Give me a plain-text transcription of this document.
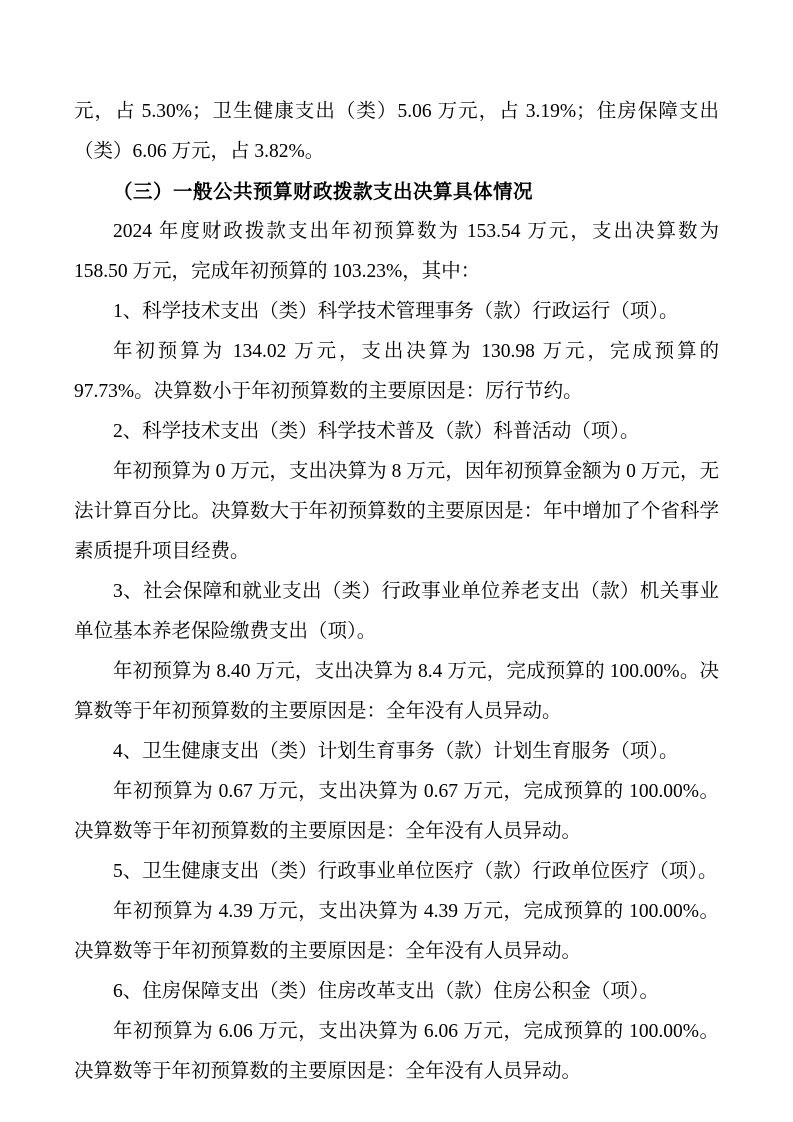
元，占 5.30%；卫生健康支出（类）5.06 万元，占 3.19%；住房保障支出（类）6.06 万元，占 3.82%。

（三）一般公共预算财政拨款支出决算具体情况

2024 年度财政拨款支出年初预算数为 153.54 万元，支出决算数为 158.50 万元，完成年初预算的 103.23%，其中：

1、科学技术支出（类）科学技术管理事务（款）行政运行（项）。

年初预算为 134.02 万元，支出决算为 130.98 万元，完成预算的 97.73%。决算数小于年初预算数的主要原因是：厉行节约。

2、科学技术支出（类）科学技术普及（款）科普活动（项）。

年初预算为 0 万元，支出决算为 8 万元，因年初预算金额为 0 万元，无法计算百分比。决算数大于年初预算数的主要原因是：年中增加了个省科学素质提升项目经费。

3、社会保障和就业支出（类）行政事业单位养老支出（款）机关事业单位基本养老保险缴费支出（项）。

年初预算为 8.40 万元，支出决算为 8.4 万元，完成预算的 100.00%。决算数等于年初预算数的主要原因是：全年没有人员异动。

4、卫生健康支出（类）计划生育事务（款）计划生育服务（项）。

年初预算为 0.67 万元，支出决算为 0.67 万元，完成预算的 100.00%。决算数等于年初预算数的主要原因是：全年没有人员异动。

5、卫生健康支出（类）行政事业单位医疗（款）行政单位医疗（项）。

年初预算为 4.39 万元，支出决算为 4.39 万元，完成预算的 100.00%。决算数等于年初预算数的主要原因是：全年没有人员异动。

6、住房保障支出（类）住房改革支出（款）住房公积金（项）。

年初预算为 6.06 万元，支出决算为 6.06 万元，完成预算的 100.00%。决算数等于年初预算数的主要原因是：全年没有人员异动。
